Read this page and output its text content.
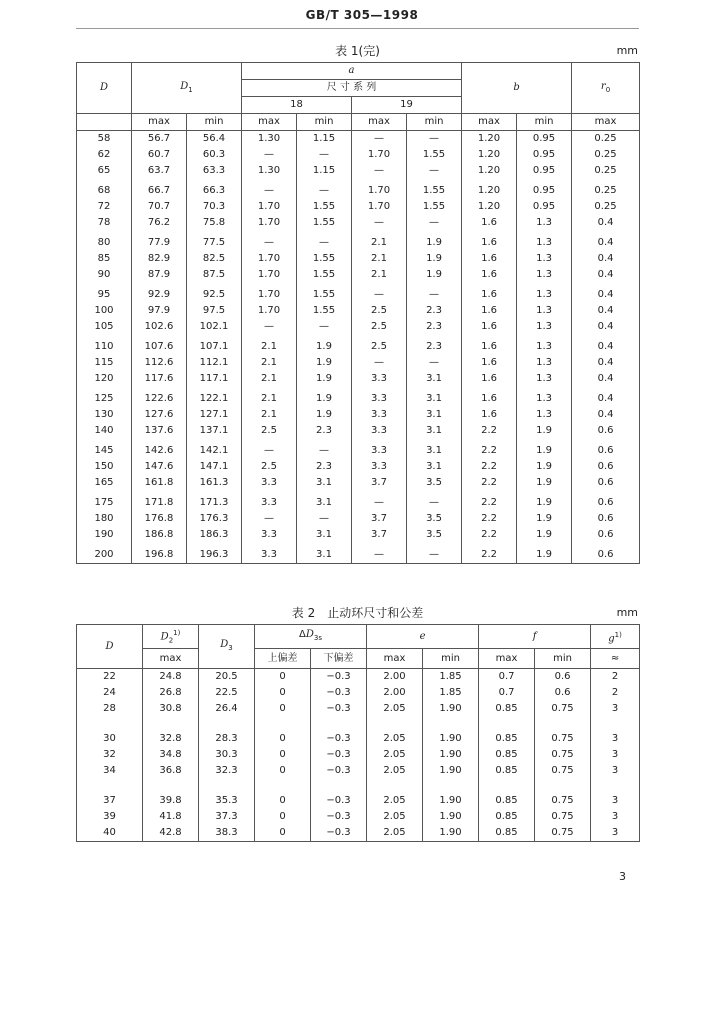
GB/T 305—1998
表 1(完)	mm
D	$D_1$		a				b		$r_0$
			尺 寸 系 列						
			18		19				
	max	min	max	min	max	min	max	min	max
58	56.7	56.4	1.30	1.15	—	—	1.20	0.95	0.25
62	60.7	60.3	—	—	1.70	1.55	1.20	0.95	0.25
65	63.7	63.3	1.30	1.15	—	—	1.20	0.95	0.25
68	66.7	66.3	—	—	1.70	1.55	1.20	0.95	0.25
72	70.7	70.3	1.70	1.55	1.70	1.55	1.20	0.95	0.25
78	76.2	75.8	1.70	1.55	—	—	1.6	1.3	0.4
80	77.9	77.5	—	—	2.1	1.9	1.6	1.3	0.4
85	82.9	82.5	1.70	1.55	2.1	1.9	1.6	1.3	0.4
90	87.9	87.5	1.70	1.55	2.1	1.9	1.6	1.3	0.4
95	92.9	92.5	1.70	1.55	—	—	1.6	1.3	0.4
100	97.9	97.5	1.70	1.55	2.5	2.3	1.6	1.3	0.4
105	102.6	102.1	—	—	2.5	2.3	1.6	1.3	0.4
110	107.6	107.1	2.1	1.9	2.5	2.3	1.6	1.3	0.4
115	112.6	112.1	2.1	1.9	—	—	1.6	1.3	0.4
120	117.6	117.1	2.1	1.9	3.3	3.1	1.6	1.3	0.4
125	122.6	122.1	2.1	1.9	3.3	3.1	1.6	1.3	0.4
130	127.6	127.1	2.1	1.9	3.3	3.1	1.6	1.3	0.4
140	137.6	137.1	2.5	2.3	3.3	3.1	2.2	1.9	0.6
145	142.6	142.1	—	—	3.3	3.1	2.2	1.9	0.6
150	147.6	147.1	2.5	2.3	3.3	3.1	2.2	1.9	0.6
165	161.8	161.3	3.3	3.1	3.7	3.5	2.2	1.9	0.6
175	171.8	171.3	3.3	3.1	—	—	2.2	1.9	0.6
180	176.8	176.3	—	—	3.7	3.5	2.2	1.9	0.6
190	186.8	186.3	3.3	3.1	3.7	3.5	2.2	1.9	0.6
200	196.8	196.3	3.3	3.1	—	—	2.2	1.9	0.6
表 2　止动环尺寸和公差	mm
D	$D_2^{1)}$	$D_3$	$\Delta D_{3s}$		e		f		$g^{1)}$
	max		上偏差	下偏差	max	min	max	min	≈
22	24.8	20.5	0	−0.3	2.00	1.85	0.7	0.6	2
24	26.8	22.5	0	−0.3	2.00	1.85	0.7	0.6	2
28	30.8	26.4	0	−0.3	2.05	1.90	0.85	0.75	3

30	32.8	28.3	0	−0.3	2.05	1.90	0.85	0.75	3
32	34.8	30.3	0	−0.3	2.05	1.90	0.85	0.75	3
34	36.8	32.3	0	−0.3	2.05	1.90	0.85	0.75	3

37	39.8	35.3	0	−0.3	2.05	1.90	0.85	0.75	3
39	41.8	37.3	0	−0.3	2.05	1.90	0.85	0.75	3
40	42.8	38.3	0	−0.3	2.05	1.90	0.85	0.75	3
3
